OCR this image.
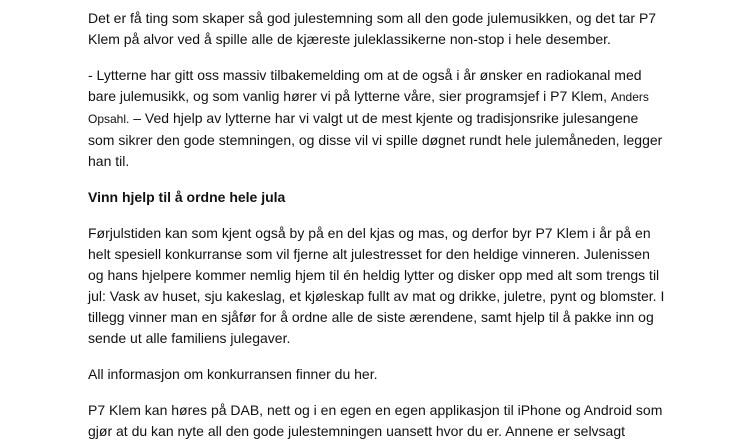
Det er få ting som skaper så god julestemning som all den gode julemusikken, og det tar P7 Klem på alvor ved å spille alle de kjæreste juleklassikerne non-stop i hele desember.

- Lytterne har gitt oss massiv tilbakemelding om at de også i år ønsker en radiokanal med bare julemusikk, og som vanlig hører vi på lytterne våre, sier programsjef i P7 Klem, Anders Opsahl. – Ved hjelp av lytterne har vi valgt ut de mest kjente og tradisjonsrike julesangene som sikrer den gode stemningen, og disse vil vi spille døgnet rundt hele julemåneden, legger han til.

Vinn hjelp til å ordne hele jula

Førjulstiden kan som kjent også by på en del kjas og mas, og derfor byr P7 Klem i år på en helt spesiell konkurranse som vil fjerne alt julestresset for den heldige vinneren. Julenissen og hans hjelpere kommer nemlig hjem til én heldig lytter og disker opp med alt som trengs til jul: Vask av huset, sju kakeslag, et kjøleskap fullt av mat og drikke, juletre, pynt og blomster. I tillegg vinner man en sjåfør for å ordne alle de siste ærendene, samt hjelp til å pakke inn og sende ut alle familiens julegaver.

All informasjon om konkurransen finner du her.

P7 Klem kan høres på DAB, nett og i en egen en egen applikasjon til iPhone og Android som gjør at du kan nyte all den gode julestemningen uansett hvor du er. Annene er selvsagt
